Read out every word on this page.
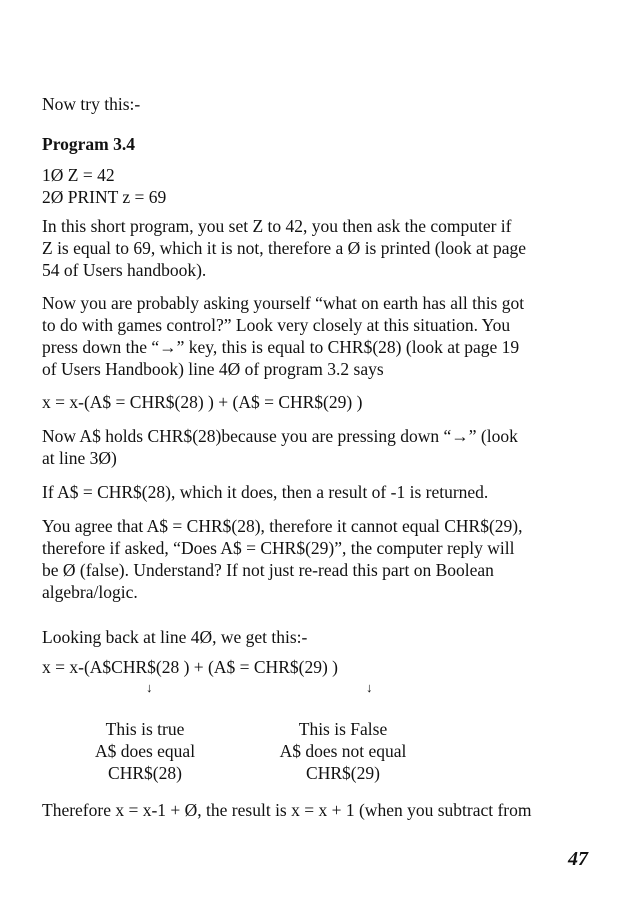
Now try this:-
Program 3.4
1Ø Z = 42
2Ø PRINT z = 69
In this short program, you set Z to 42, you then ask the computer if
Z is equal to 69, which it is not, therefore a Ø is printed (look at page
54 of Users handbook).
Now you are probably asking yourself “what on earth has all this got
to do with games control?” Look very closely at this situation. You
press down the “→” key, this is equal to CHR$(28) (look at page 19
of Users Handbook) line 4Ø of program 3.2 says
x = x-(A$ = CHR$(28) ) + (A$ = CHR$(29) )
Now A$ holds CHR$(28)because you are pressing down “→” (look
at line 3Ø)
If A$ = CHR$(28), which it does, then a result of -1 is returned.
You agree that A$ = CHR$(28), therefore it cannot equal CHR$(29),
therefore if asked, “Does A$ = CHR$(29)”, the computer reply will
be Ø (false). Understand? If not just re-read this part on Boolean
algebra/logic.
Looking back at line 4Ø, we get this:-
x = x-(A$CHR$(28 ) + (A$ = CHR$(29) )
↓	↓
This is true
A$ does equal
CHR$(28)
This is False
A$ does not equal
CHR$(29)
Therefore x = x-1 + Ø, the result is x = x + 1 (when you subtract from
47
